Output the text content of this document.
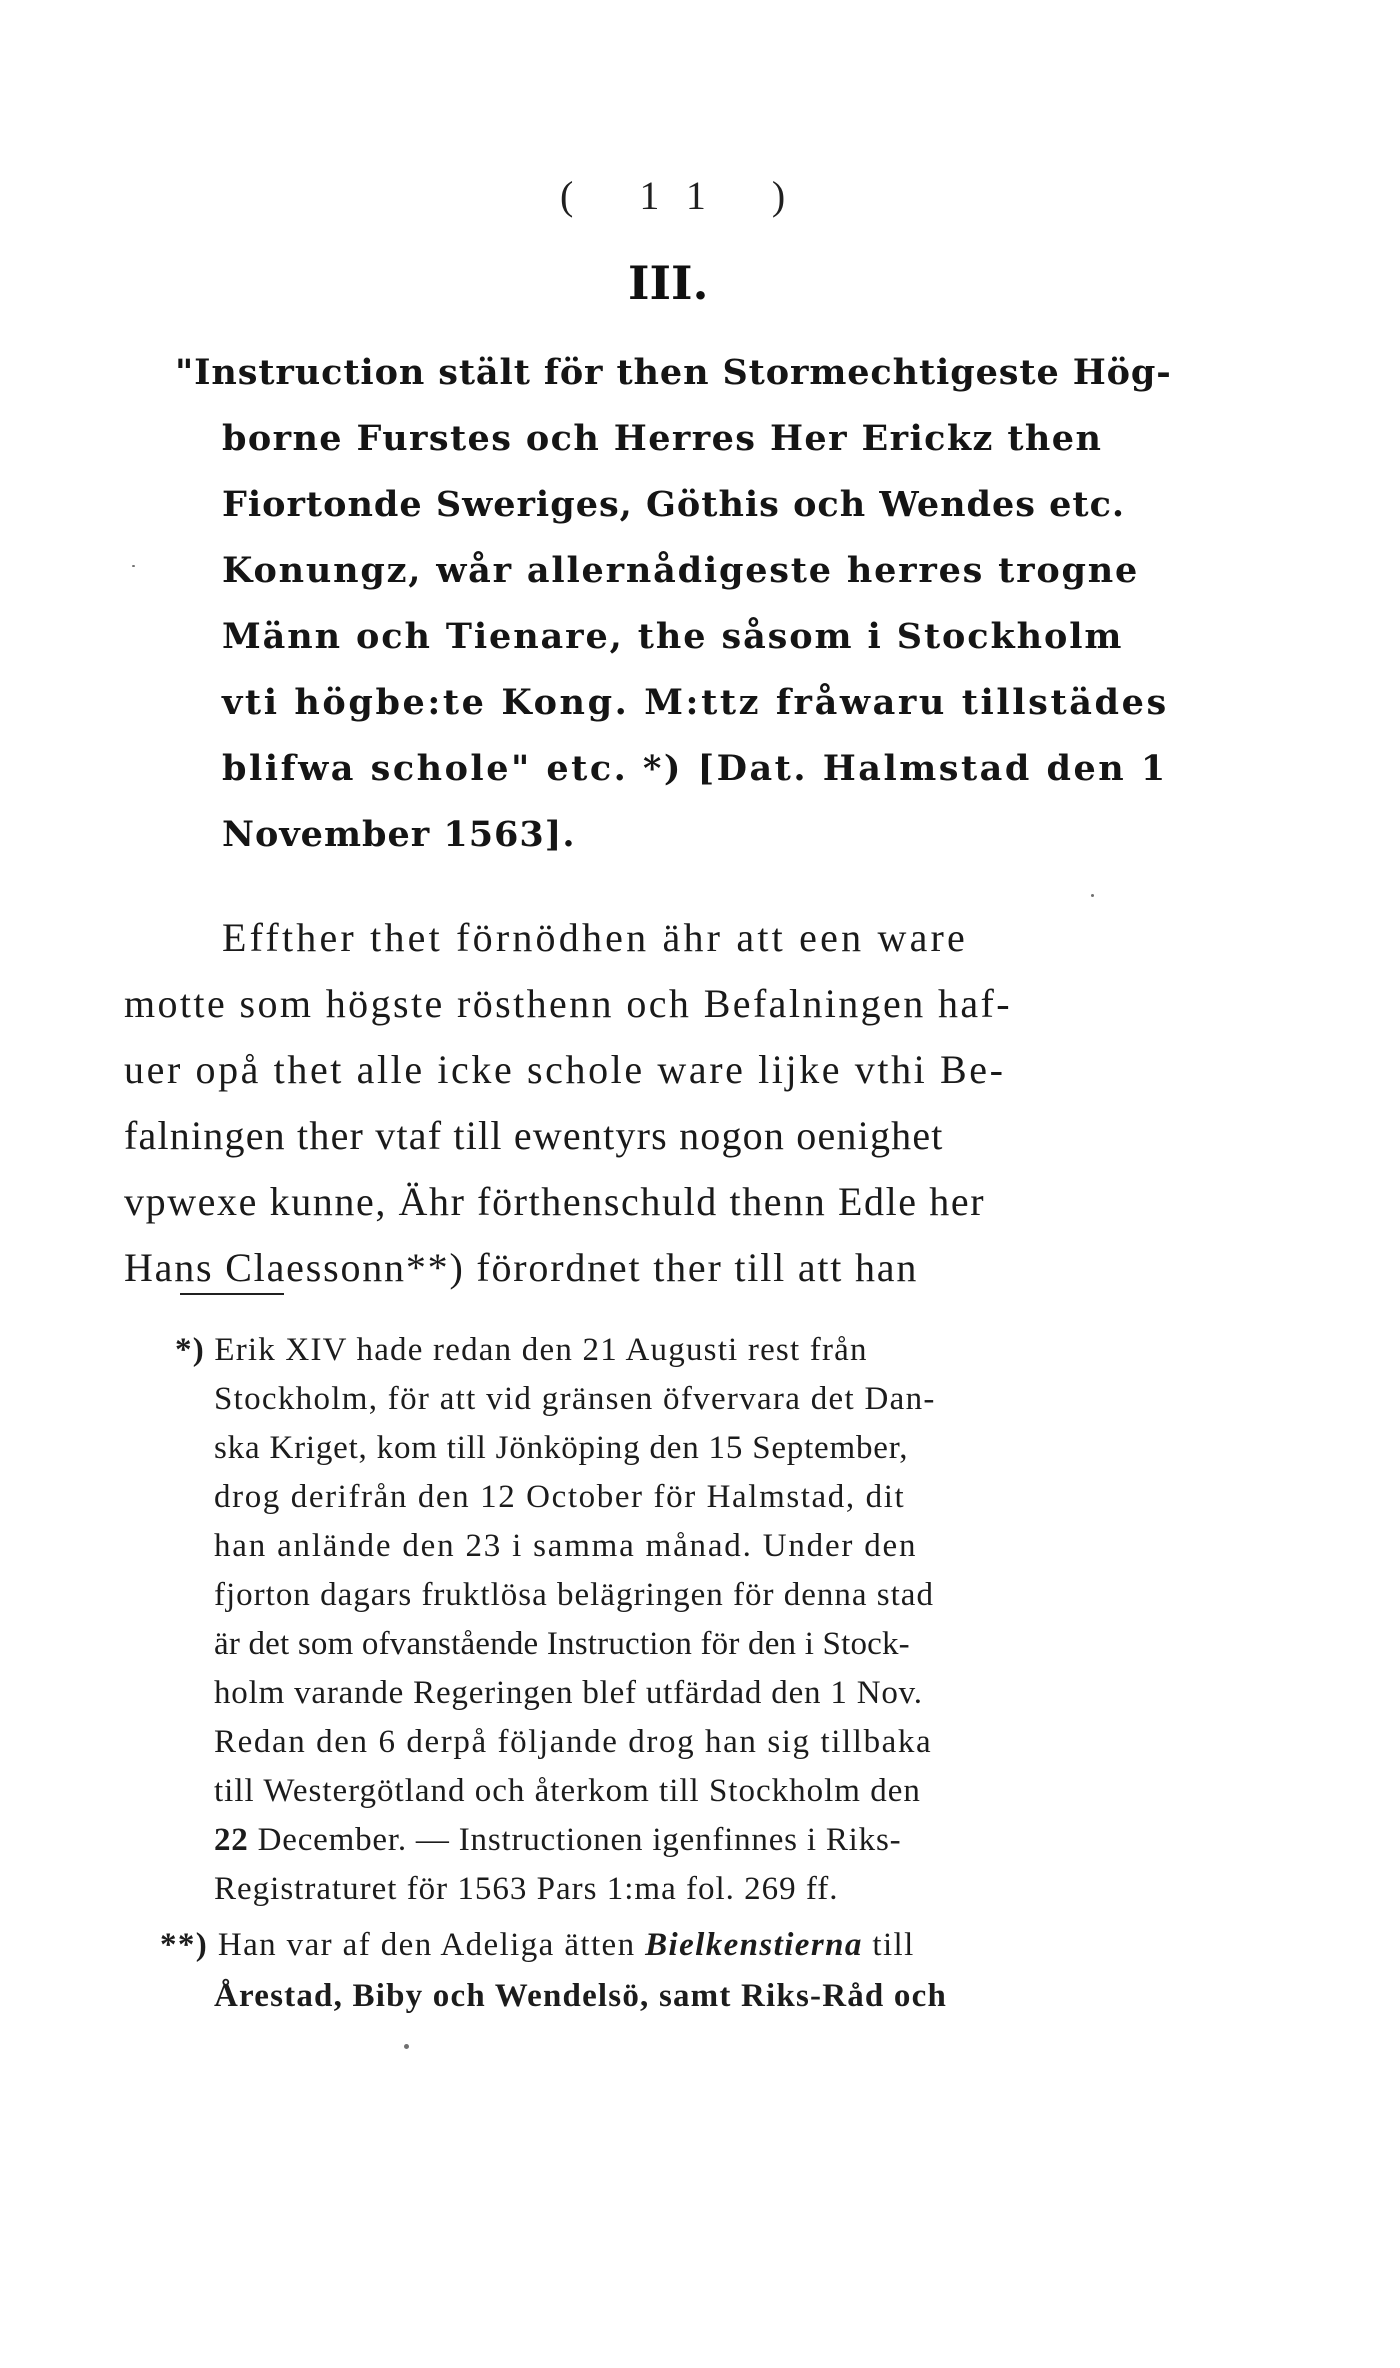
( 11 )
III.
"Instruction stält för then Stormechtigeste Hög-
borne Furstes och Herres Her Erickz then
Fiortonde Sweriges, Göthis och Wendes etc.
Konungz, wår allernådigeste herres trogne
Männ och Tienare, the såsom i Stockholm
vti högbe:te Kong. M:ttz fråwaru tillstädes
blifwa schole" etc. *) [Dat. Halmstad den 1
November 1563].
Effther thet förnödhen ähr att een ware
motte som högste rösthenn och Befalningen haf-
uer opå thet alle icke schole ware lijke vthi Be-
falningen ther vtaf till ewentyrs nogon oenighet
vpwexe kunne, Ähr förthenschuld thenn Edle her
Hans Claessonn**) förordnet ther till att han
*) Erik XIV hade redan den 21 Augusti rest från
Stockholm, för att vid gränsen öfvervara det Dan-
ska Kriget, kom till Jönköping den 15 September,
drog derifrån den 12 October för Halmstad, dit
han anlände den 23 i samma månad. Under den
fjorton dagars fruktlösa belägringen för denna stad
är det som ofvanstående Instruction för den i Stock-
holm varande Regeringen blef utfärdad den 1 Nov.
Redan den 6 derpå följande drog han sig tillbaka
till Westergötland och återkom till Stockholm den
22 December. — Instructionen igenfinnes i Riks-
Registraturet för 1563 Pars 1:ma fol. 269 ff.
**) Han var af den Adeliga ätten Bielkenstierna till
Årestad, Biby och Wendelsö, samt Riks-Råd och
